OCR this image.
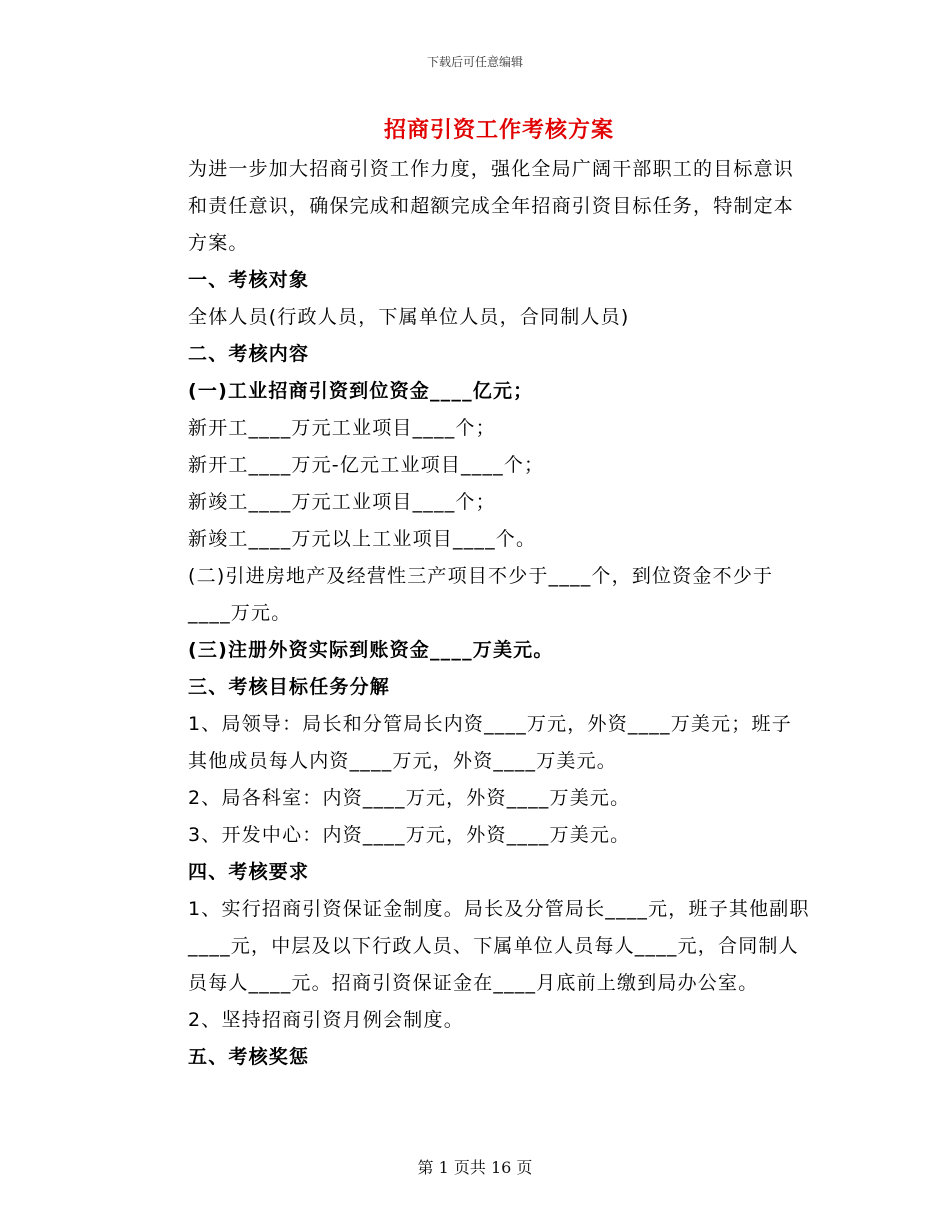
下载后可任意编辑
招商引资工作考核方案

为进一步加大招商引资工作力度，强化全局广阔干部职工的目标意识和责任意识，确保完成和超额完成全年招商引资目标任务，特制定本方案。

一、考核对象

全体人员(行政人员，下属单位人员，合同制人员)

二、考核内容

(一)工业招商引资到位资金____亿元；

新开工____万元工业项目____个；

新开工____万元-亿元工业项目____个；

新竣工____万元工业项目____个；

新竣工____万元以上工业项目____个。

(二)引进房地产及经营性三产项目不少于____个，到位资金不少于____万元。

(三)注册外资实际到账资金____万美元。

三、考核目标任务分解

1、局领导：局长和分管局长内资____万元，外资____万美元；班子其他成员每人内资____万元，外资____万美元。

2、局各科室：内资____万元，外资____万美元。

3、开发中心：内资____万元，外资____万美元。

四、考核要求

1、实行招商引资保证金制度。局长及分管局长____元，班子其他副职____元，中层及以下行政人员、下属单位人员每人____元，合同制人员每人____元。招商引资保证金在____月底前上缴到局办公室。

2、坚持招商引资月例会制度。

五、考核奖惩

第 1 页共 16 页
